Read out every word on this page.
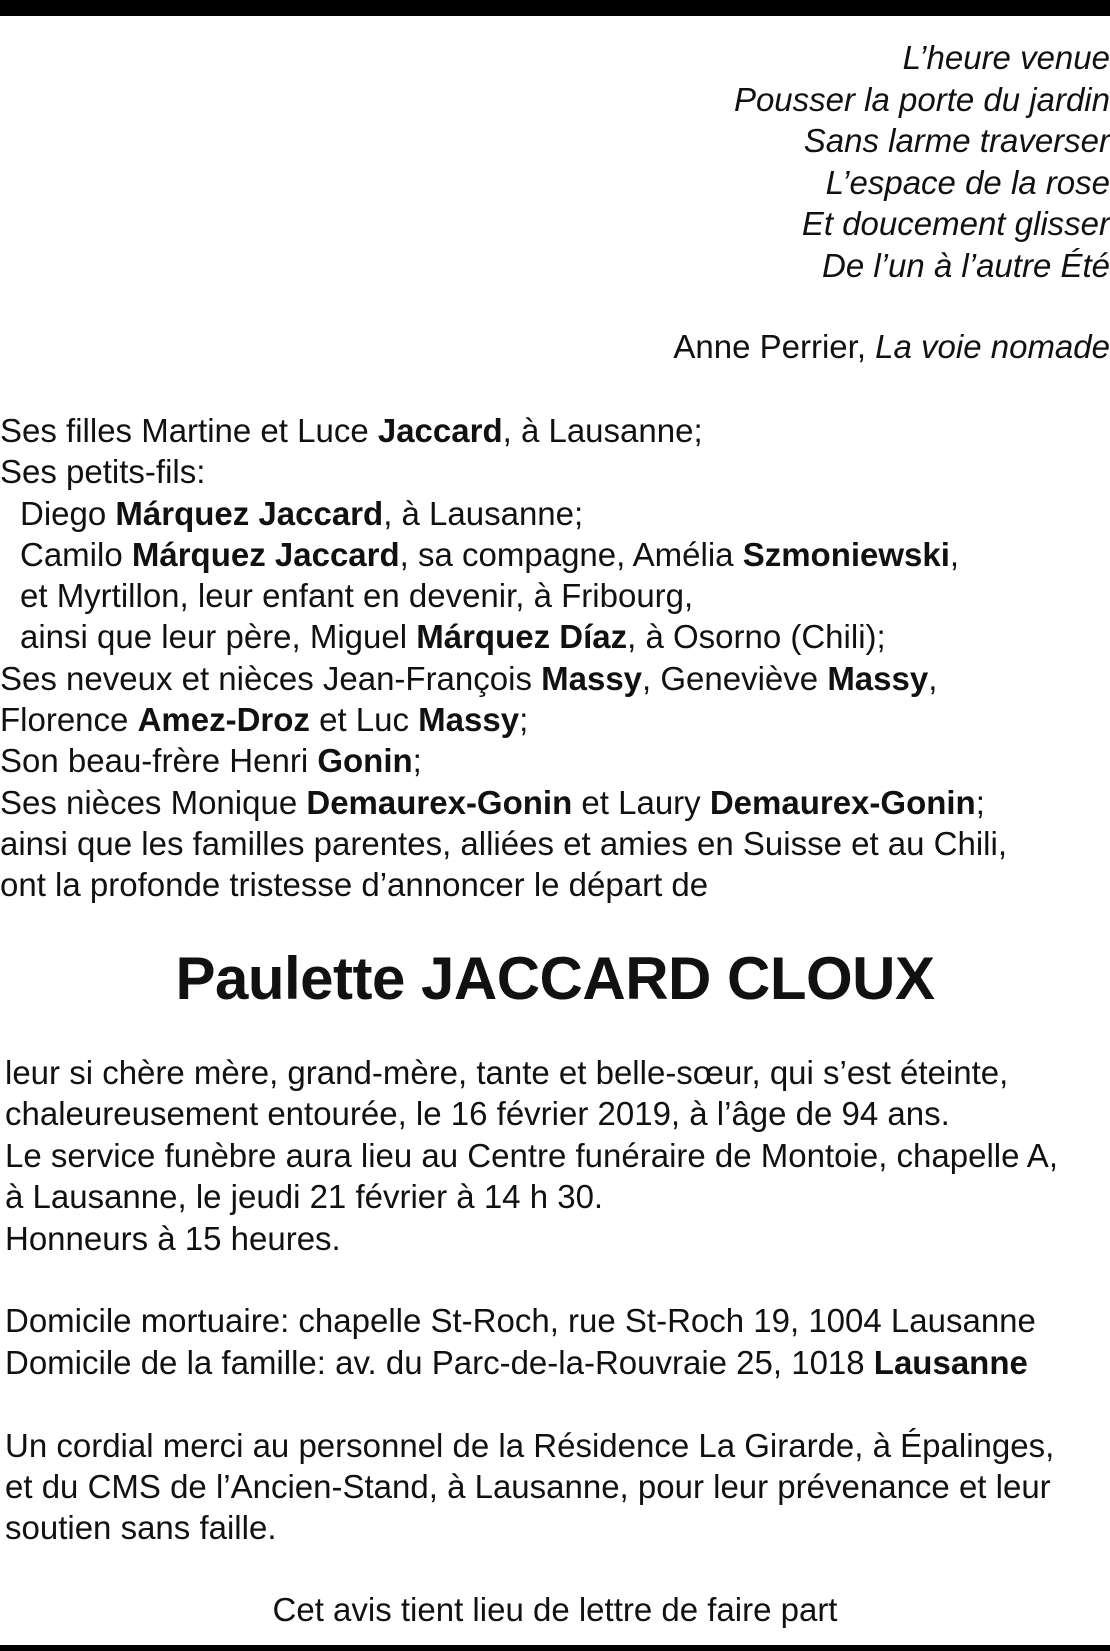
L’heure venue
Pousser la porte du jardin
Sans larme traverser
L’espace de la rose
Et doucement glisser
De l’un à l’autre Été
Anne Perrier, La voie nomade
Ses filles Martine et Luce Jaccard, à Lausanne;
Ses petits-fils:
Diego Márquez Jaccard, à Lausanne;
Camilo Márquez Jaccard, sa compagne, Amélia Szmoniewski,
et Myrtillon, leur enfant en devenir, à Fribourg,
ainsi que leur père, Miguel Márquez Díaz, à Osorno (Chili);
Ses neveux et nièces Jean-François Massy, Geneviève Massy,
Florence Amez-Droz et Luc Massy;
Son beau-frère Henri Gonin;
Ses nièces Monique Demaurex-Gonin et Laury Demaurex-Gonin;
ainsi que les familles parentes, alliées et amies en Suisse et au Chili,
ont la profonde tristesse d’annoncer le départ de
Paulette JACCARD CLOUX
leur si chère mère, grand-mère, tante et belle-sœur, qui s’est éteinte,
chaleureusement entourée, le 16 février 2019, à l’âge de 94 ans.
Le service funèbre aura lieu au Centre funéraire de Montoie, chapelle A,
à Lausanne, le jeudi 21 février à 14 h 30.
Honneurs à 15 heures.
Domicile mortuaire: chapelle St-Roch, rue St-Roch 19, 1004 Lausanne
Domicile de la famille: av. du Parc-de-la-Rouvraie 25, 1018 Lausanne
Un cordial merci au personnel de la Résidence La Girarde, à Épalinges,
et du CMS de l’Ancien-Stand, à Lausanne, pour leur prévenance et leur
soutien sans faille.
Cet avis tient lieu de lettre de faire part
